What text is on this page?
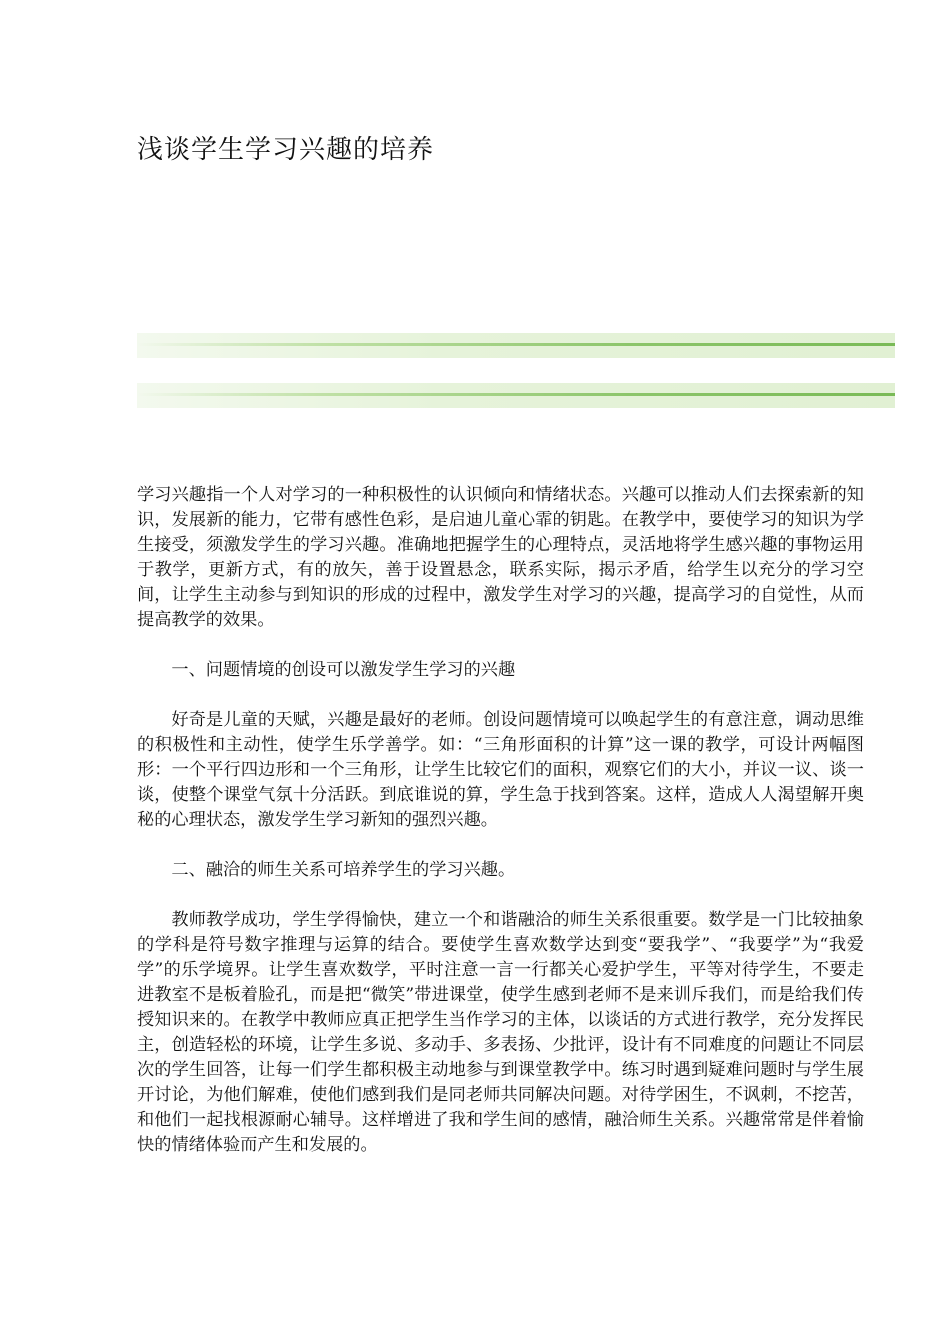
浅谈学生学习兴趣的培养

学习兴趣指一个人对学习的一种积极性的认识倾向和情绪状态。兴趣可以推动人们去探索新的知识，发展新的能力，它带有感性色彩，是启迪儿童心霏的钥匙。在教学中，要使学习的知识为学生接受，须激发学生的学习兴趣。准确地把握学生的心理特点，灵活地将学生感兴趣的事物运用于教学，更新方式，有的放矢，善于设置悬念，联系实际，揭示矛盾，给学生以充分的学习空间，让学生主动参与到知识的形成的过程中，激发学生对学习的兴趣，提高学习的自觉性，从而提高教学的效果。

一、问题情境的创设可以激发学生学习的兴趣

好奇是儿童的天赋，兴趣是最好的老师。创设问题情境可以唤起学生的有意注意，调动思维的积极性和主动性，使学生乐学善学。如：“三角形面积的计算”这一课的教学，可设计两幅图形：一个平行四边形和一个三角形，让学生比较它们的面积，观察它们的大小，并议一议、谈一谈，使整个课堂气氛十分活跃。到底谁说的算，学生急于找到答案。这样，造成人人渴望解开奥秘的心理状态，激发学生学习新知的强烈兴趣。

二、融洽的师生关系可培养学生的学习兴趣。

教师教学成功，学生学得愉快，建立一个和谐融洽的师生关系很重要。数学是一门比较抽象的学科是符号数字推理与运算的结合。要使学生喜欢数学达到变“要我学”、“我要学”为“我爱学”的乐学境界。让学生喜欢数学，平时注意一言一行都关心爱护学生，平等对待学生，不要走进教室不是板着脸孔，而是把“微笑”带进课堂，使学生感到老师不是来训斥我们，而是给我们传授知识来的。在教学中教师应真正把学生当作学习的主体，以谈话的方式进行教学，充分发挥民主，创造轻松的环境，让学生多说、多动手、多表扬、少批评，设计有不同难度的问题让不同层次的学生回答，让每一们学生都积极主动地参与到课堂教学中。练习时遇到疑难问题时与学生展开讨论，为他们解难，使他们感到我们是同老师共同解决问题。对待学困生，不讽刺，不挖苦，和他们一起找根源耐心辅导。这样增进了我和学生间的感情，融洽师生关系。兴趣常常是伴着愉快的情绪体验而产生和发展的。
